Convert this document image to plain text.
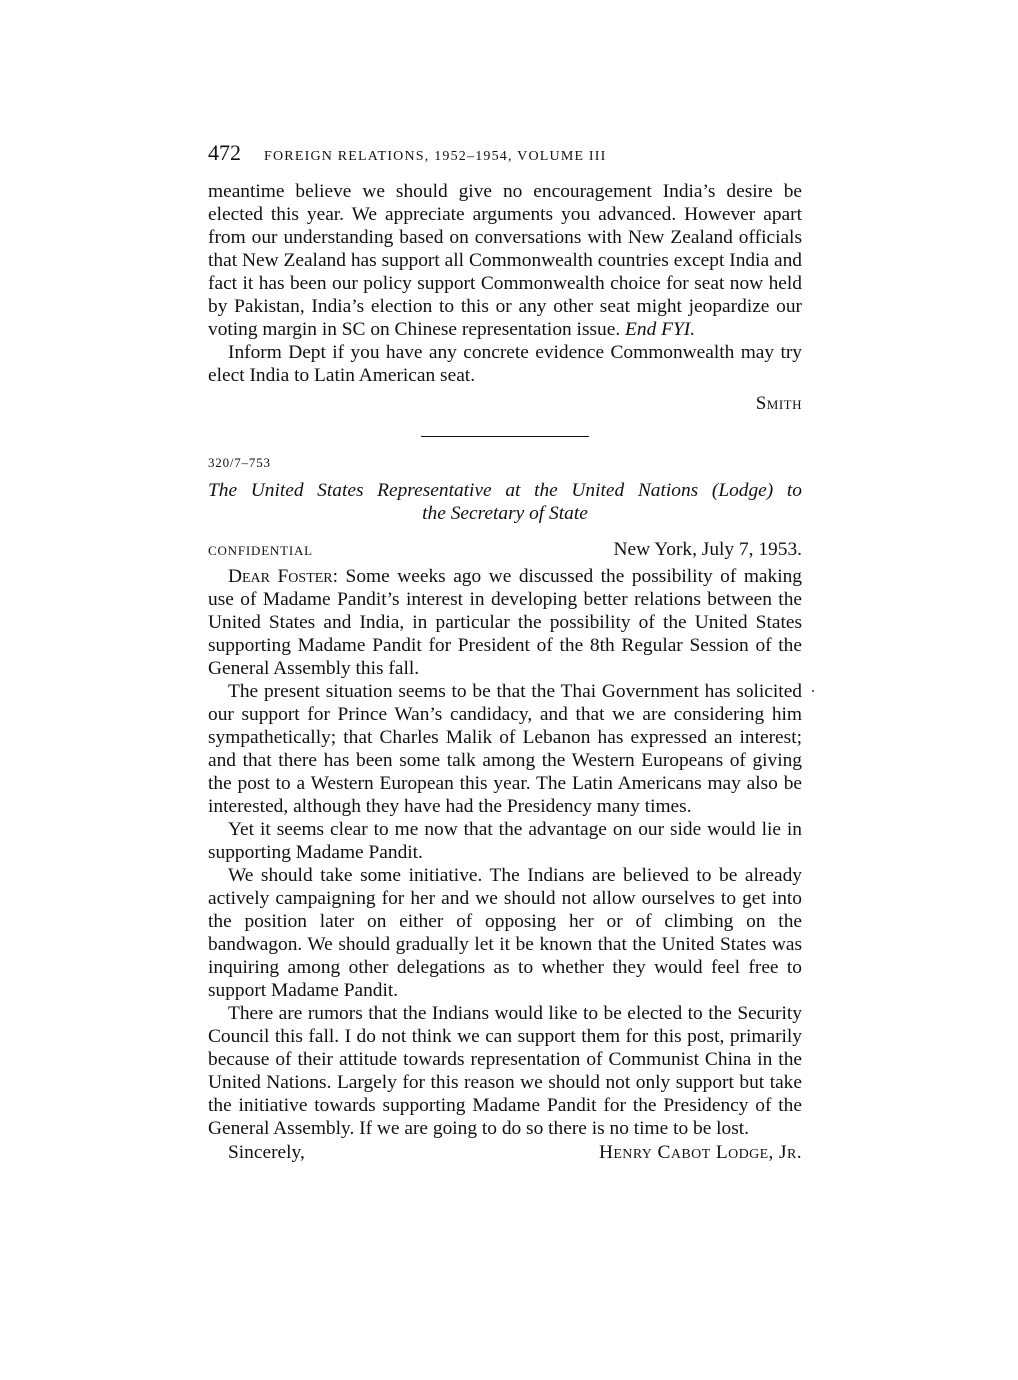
472	FOREIGN RELATIONS, 1952–1954, VOLUME III

meantime believe we should give no encouragement India’s desire be elected this year. We appreciate arguments you advanced. However apart from our understanding based on conversations with New Zealand officials that New Zealand has support all Commonwealth countries except India and fact it has been our policy support Commonwealth choice for seat now held by Pakistan, India’s election to this or any other seat might jeopardize our voting margin in SC on Chinese representation issue. End FYI.

Inform Dept if you have any concrete evidence Commonwealth may try elect India to Latin American seat.

Smith
320/7–753
The United States Representative at the United Nations (Lodge) to
the Secretary of State
CONFIDENTIAL	New York, July 7, 1953.

Dear Foster: Some weeks ago we discussed the possibility of making use of Madame Pandit’s interest in developing better relations between the United States and India, in particular the possibility of the United States supporting Madame Pandit for President of the 8th Regular Session of the General Assembly this fall.

The present situation seems to be that the Thai Government has solicited our support for Prince Wan’s candidacy, and that we are considering him sympathetically; that Charles Malik of Lebanon has expressed an interest; and that there has been some talk among the Western Europeans of giving the post to a Western European this year. The Latin Americans may also be interested, although they have had the Presidency many times.

Yet it seems clear to me now that the advantage on our side would lie in supporting Madame Pandit.

We should take some initiative. The Indians are believed to be already actively campaigning for her and we should not allow ourselves to get into the position later on either of opposing her or of climbing on the bandwagon. We should gradually let it be known that the United States was inquiring among other delegations as to whether they would feel free to support Madame Pandit.

There are rumors that the Indians would like to be elected to the Security Council this fall. I do not think we can support them for this post, primarily because of their attitude towards representation of Communist China in the United Nations. Largely for this reason we should not only support but take the initiative towards supporting Madame Pandit for the Presidency of the General Assembly. If we are going to do so there is no time to be lost.

Sincerely,	Henry Cabot Lodge, Jr.
